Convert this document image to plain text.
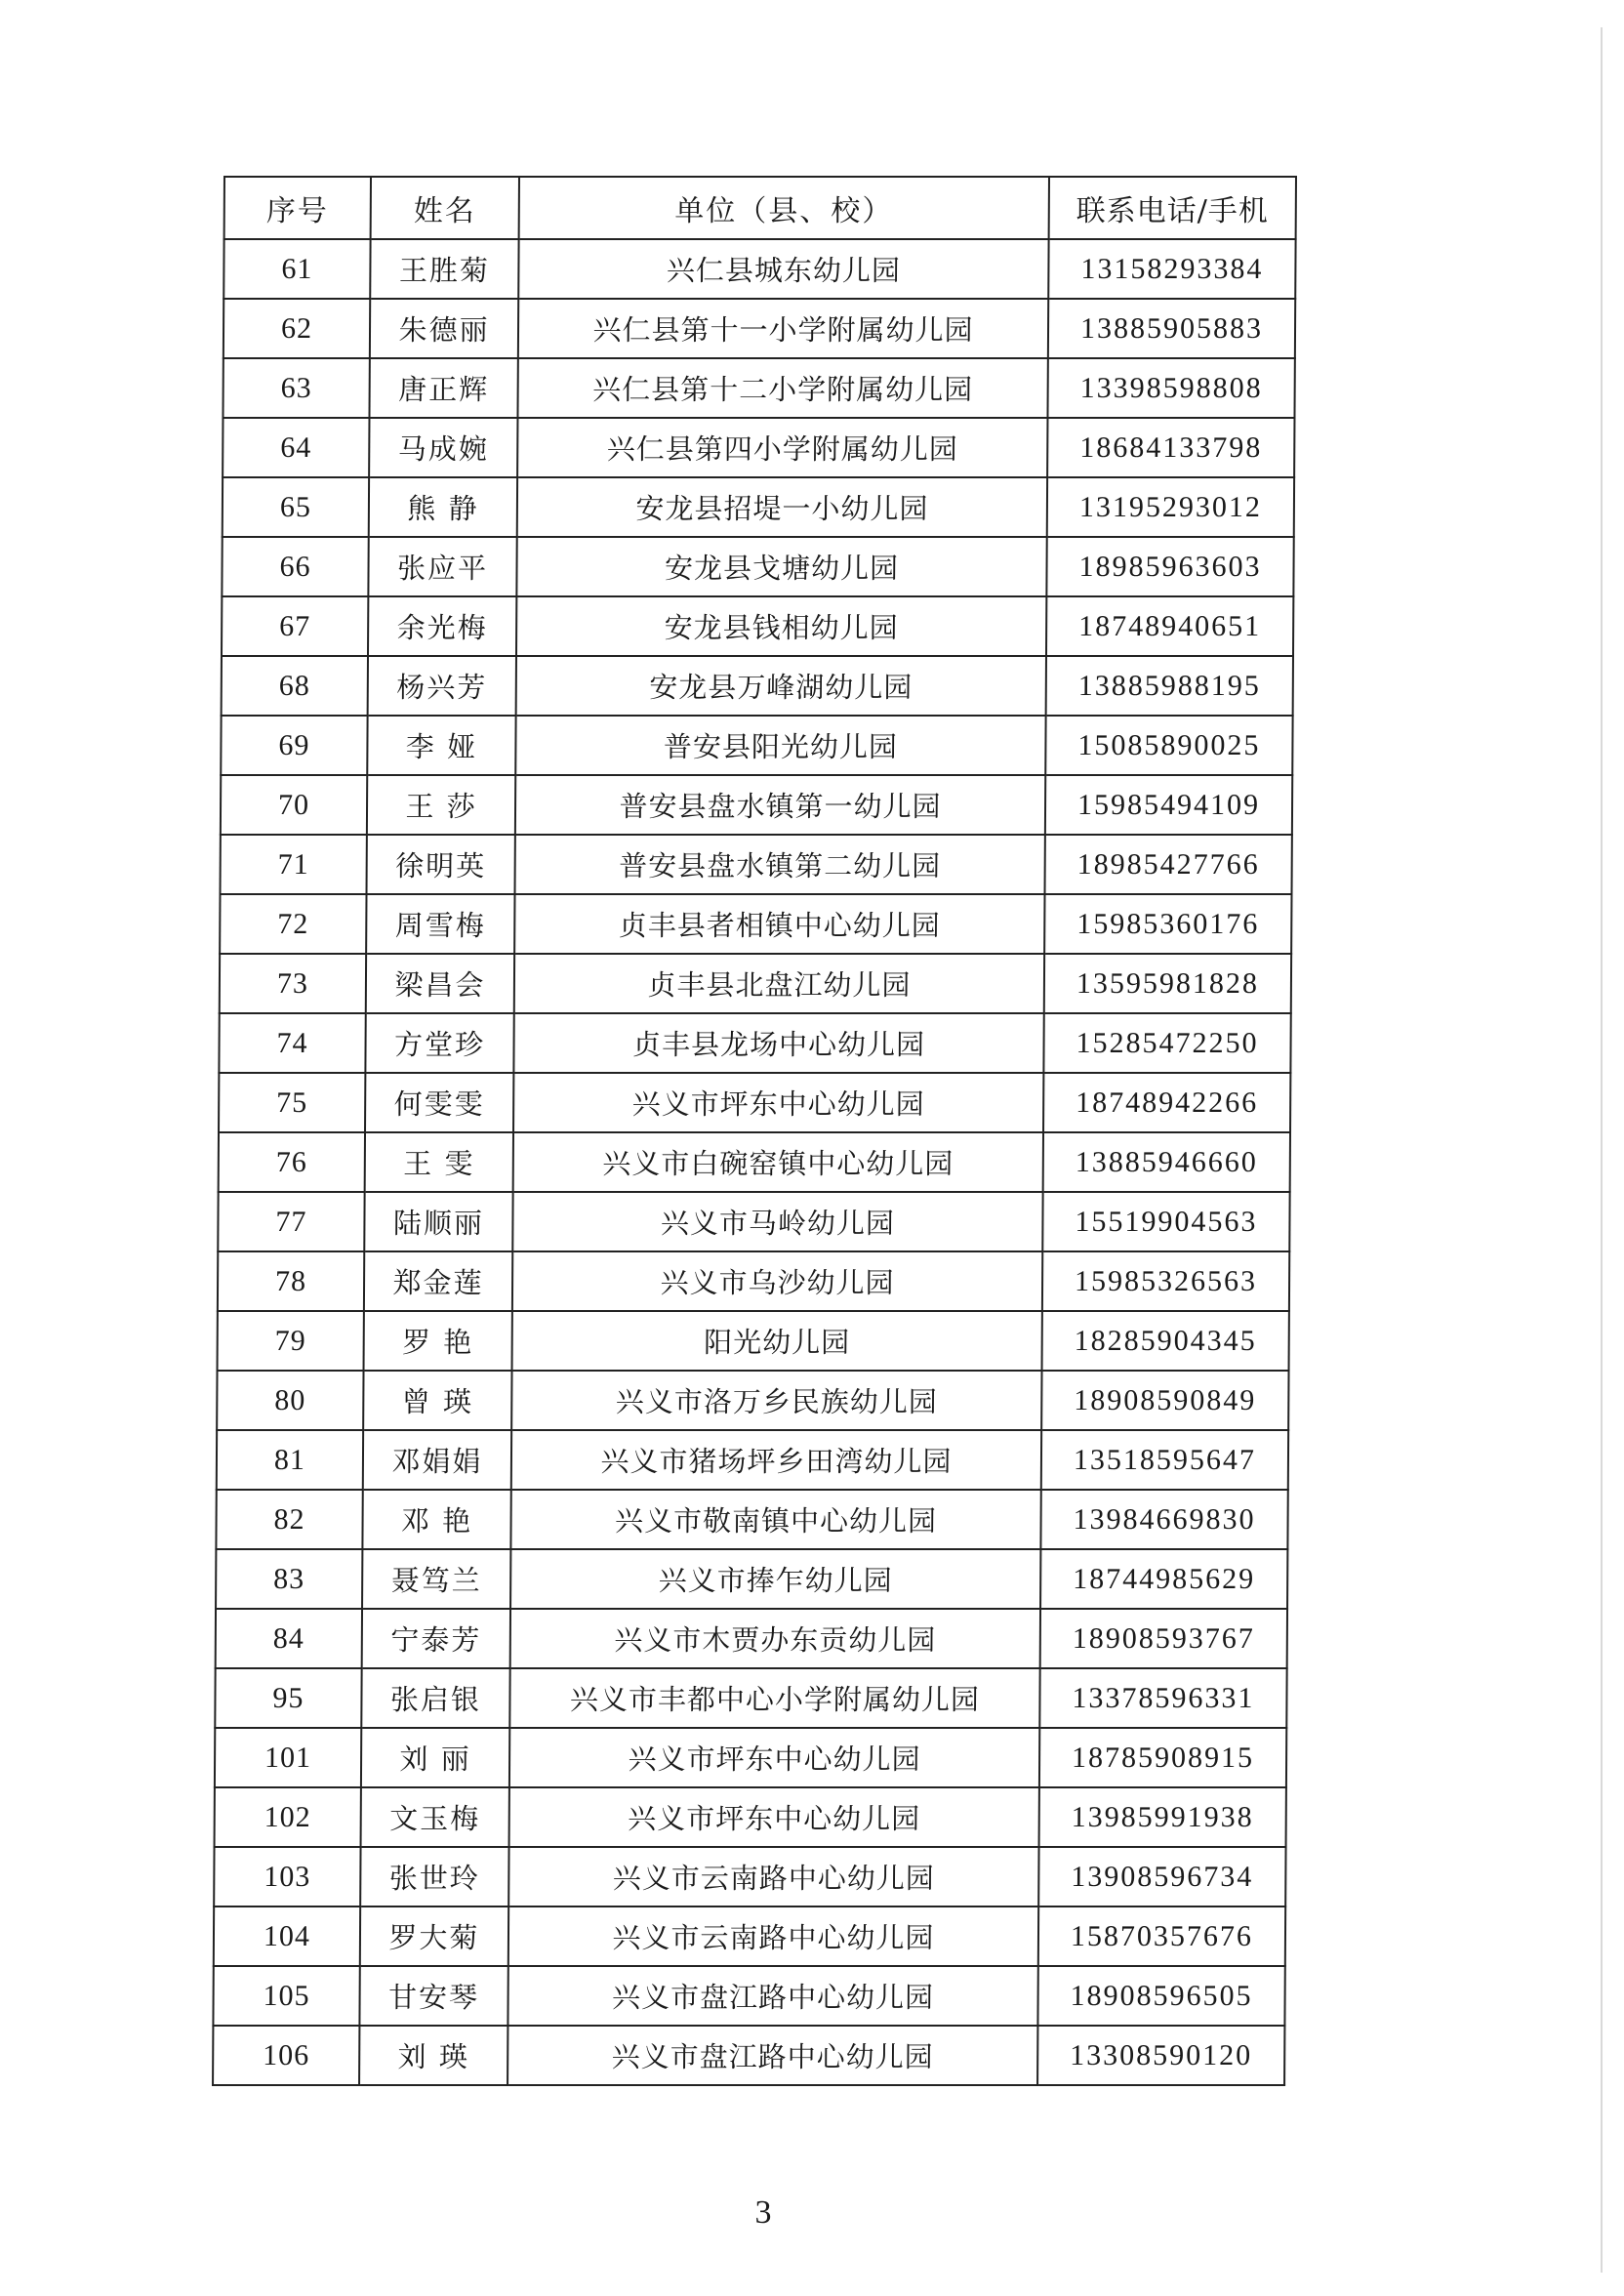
序号	姓名	单位（县、校）	联系电话/手机
61	王胜菊	兴仁县城东幼儿园	13158293384
62	朱德丽	兴仁县第十一小学附属幼儿园	13885905883
63	唐正辉	兴仁县第十二小学附属幼儿园	13398598808
64	马成婉	兴仁县第四小学附属幼儿园	18684133798
65	熊 静	安龙县招堤一小幼儿园	13195293012
66	张应平	安龙县戈塘幼儿园	18985963603
67	余光梅	安龙县钱相幼儿园	18748940651
68	杨兴芳	安龙县万峰湖幼儿园	13885988195
69	李 娅	普安县阳光幼儿园	15085890025
70	王 莎	普安县盘水镇第一幼儿园	15985494109
71	徐明英	普安县盘水镇第二幼儿园	18985427766
72	周雪梅	贞丰县者相镇中心幼儿园	15985360176
73	梁昌会	贞丰县北盘江幼儿园	13595981828
74	方堂珍	贞丰县龙场中心幼儿园	15285472250
75	何雯雯	兴义市坪东中心幼儿园	18748942266
76	王 雯	兴义市白碗窑镇中心幼儿园	13885946660
77	陆顺丽	兴义市马岭幼儿园	15519904563
78	郑金莲	兴义市乌沙幼儿园	15985326563
79	罗 艳	阳光幼儿园	18285904345
80	曾 瑛	兴义市洛万乡民族幼儿园	18908590849
81	邓娟娟	兴义市猪场坪乡田湾幼儿园	13518595647
82	邓 艳	兴义市敬南镇中心幼儿园	13984669830
83	聂笃兰	兴义市捧乍幼儿园	18744985629
84	宁泰芳	兴义市木贾办东贡幼儿园	18908593767
95	张启银	兴义市丰都中心小学附属幼儿园	13378596331
101	刘 丽	兴义市坪东中心幼儿园	18785908915
102	文玉梅	兴义市坪东中心幼儿园	13985991938
103	张世玲	兴义市云南路中心幼儿园	13908596734
104	罗大菊	兴义市云南路中心幼儿园	15870357676
105	甘安琴	兴义市盘江路中心幼儿园	18908596505
106	刘 瑛	兴义市盘江路中心幼儿园	13308590120
3
